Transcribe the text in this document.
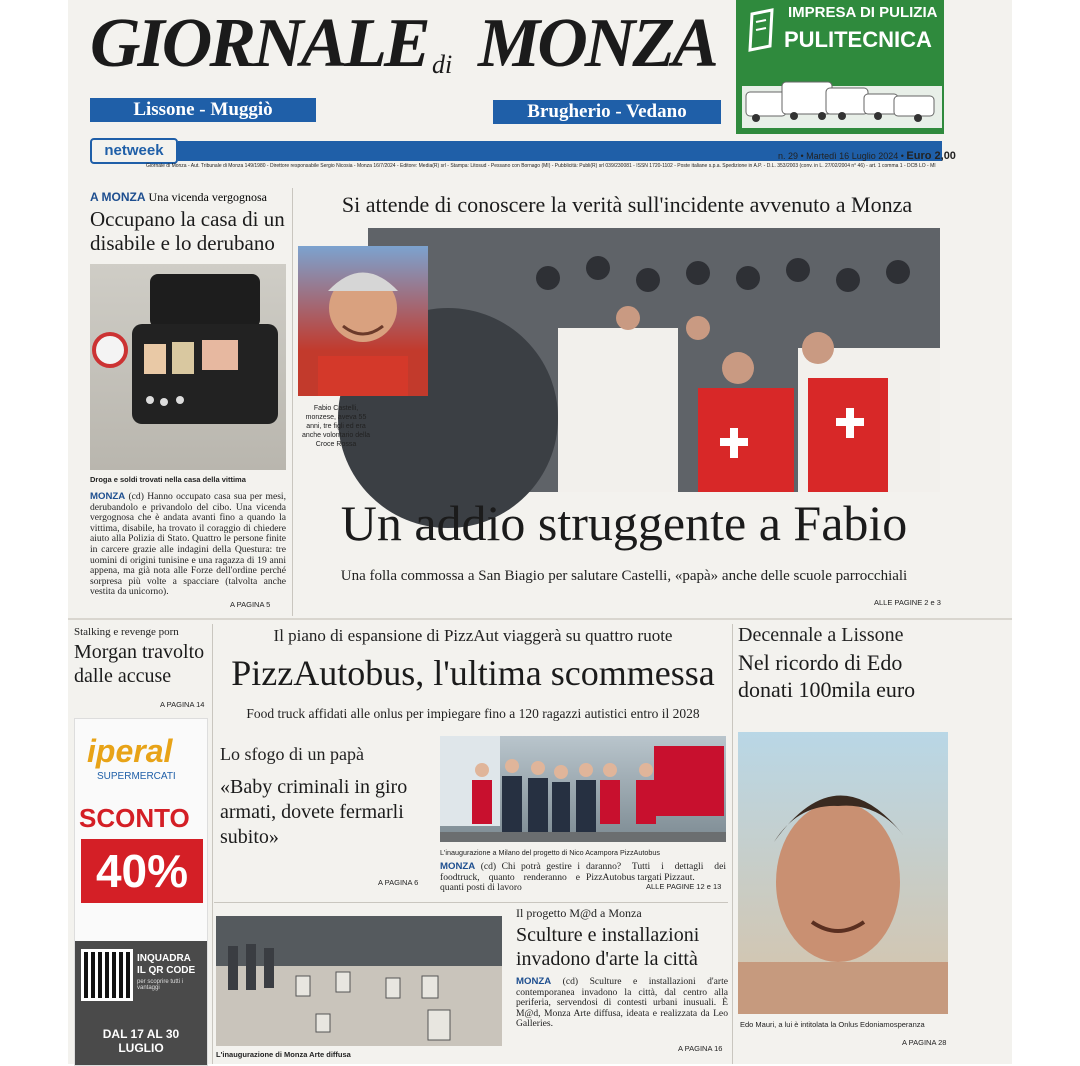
GIORNALE di MONZA
Lissone - Muggiò	Brugherio - Vedano
IMPRESA DI PULIZIA
PULITECNICA
netweek
Giornale di Monza - Aut. Tribunale di Monza 149/1980 - Direttore responsabile Sergio Nicosia - Monza 16/7/2024 - Editore: Media(R) srl - Stampa: Litosud - Pessano con Bornago (MI) - Pubblicità: Publi(R) srl 039/230081 - ISSN 1720-1102 - Poste italiane s.p.a. Spedizione in A.P. - D.L. 353/2003 (conv. in L. 27/02/2004 n° 46) - art. 1 comma 1 - DCB LO - MI
n. 29 • Martedì 16 Luglio 2024 • Euro 2,00
A MONZA Una vicenda vergognosa
Occupano la casa di un disabile e lo derubano
Droga e soldi trovati nella casa della vittima
MONZA (cd) Hanno occupato casa sua per mesi, derubandolo e privandolo del cibo. Una vicenda vergognosa che è andata avanti fino a quando la vittima, disabile, ha trovato il coraggio di chiedere aiuto alla Polizia di Stato. Quattro le persone finite in carcere grazie alle indagini della Questura: tre uomini di origini tunisine e una ragazza di 19 anni appena, ma già nota alle Forze dell'ordine perché sorpresa più volte a spacciare (talvolta anche vestita da unicorno).
A PAGINA 5
Si attende di conoscere la verità sull'incidente avvenuto a Monza
Fabio Castelli, monzese, aveva 55 anni, tre figli ed era anche volontario della Croce Rossa
Un addio struggente a Fabio
Una folla commossa a San Biagio per salutare Castelli, «papà» anche delle scuole parrocchiali
ALLE PAGINE 2 e 3
Stalking e revenge porn
Morgan travolto dalle accuse
A PAGINA 14
iperal
SUPERMERCATI
SCONTO
40%
INQUADRA
IL QR CODE
per scoprire tutti i vantaggi
DAL 17 AL 30
LUGLIO
Il piano di espansione di PizzAut viaggerà su quattro ruote
PizzAutobus, l'ultima scommessa
Food truck affidati alle onlus per impiegare fino a 120 ragazzi autistici entro il 2028
Lo sfogo di un papà
«Baby criminali in giro armati, dovete fermarli subito»
A PAGINA 6
L'inaugurazione a Milano del progetto di Nico Acampora PizzAutobus
MONZA (cd) Chi potrà gestire i foodtruck, quanto renderanno e quanti posti di lavoro
daranno? Tutti i dettagli dei PizzAutobus targati Pizzaut.
ALLE PAGINE 12 e 13
L'inaugurazione di Monza Arte diffusa
Il progetto M@d a Monza
Sculture e installazioni invadono d'arte la città
MONZA (cd) Sculture e installazioni d'arte contemporanea invadono la città, dal centro alla periferia, servendosi di contesti urbani inusuali. È M@d, Monza Arte diffusa, ideata e realizzata da Leo Galleries.
A PAGINA 16
Decennale a Lissone
Nel ricordo di Edo donati 100mila euro
Edo Mauri, a lui è intitolata la Onlus Edoniamosperanza
A PAGINA 28
